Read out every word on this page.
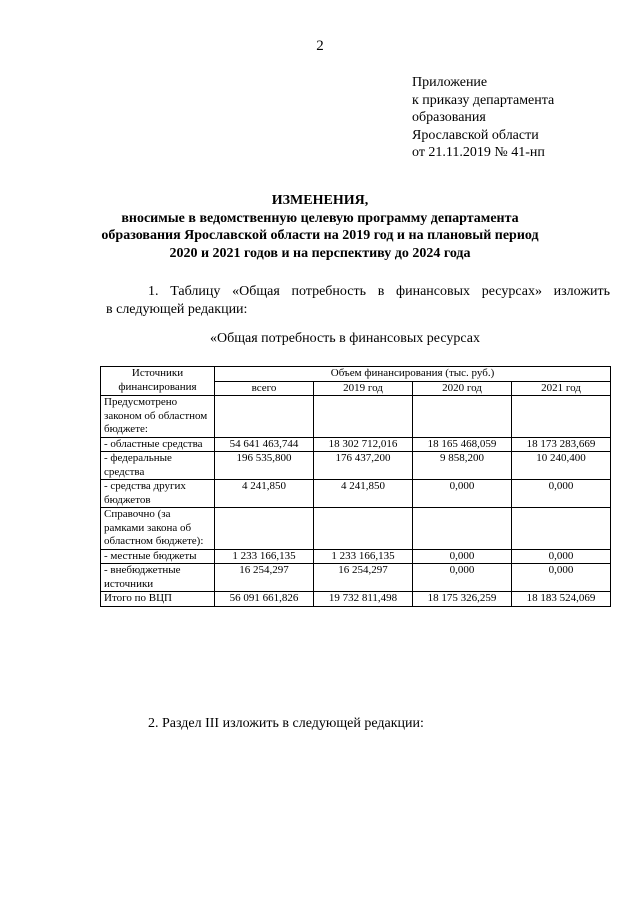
2
Приложение
к приказу департамента
образования
Ярославской области
от 21.11.2019 № 41-нп
ИЗМЕНЕНИЯ,
вносимые в ведомственную целевую программу департамента
образования Ярославской области на 2019 год и на плановый период
2020 и 2021 годов и на перспективу до 2024 года
1. Таблицу «Общая потребность в финансовых ресурсах» изложить
в следующей редакции:
«Общая потребность в финансовых ресурсах
Источники финансирования	Объем финансирования (тыс. руб.)			
	всего	2019 год	2020 год	2021 год
Предусмотрено законом об областном бюджете:				
- областные средства	54 641 463,744	18 302 712,016	18 165 468,059	18 173 283,669
- федеральные средства	196 535,800	176 437,200	9 858,200	10 240,400
- средства других бюджетов	4 241,850	4 241,850	0,000	0,000
Справочно (за рамками закона об областном бюджете):				
- местные бюджеты	1 233 166,135	1 233 166,135	0,000	0,000
- внебюджетные источники	16 254,297	16 254,297	0,000	0,000
Итого по ВЦП	56 091 661,826	19 732 811,498	18 175 326,259	18 183 524,069
2. Раздел III изложить в следующей редакции:
